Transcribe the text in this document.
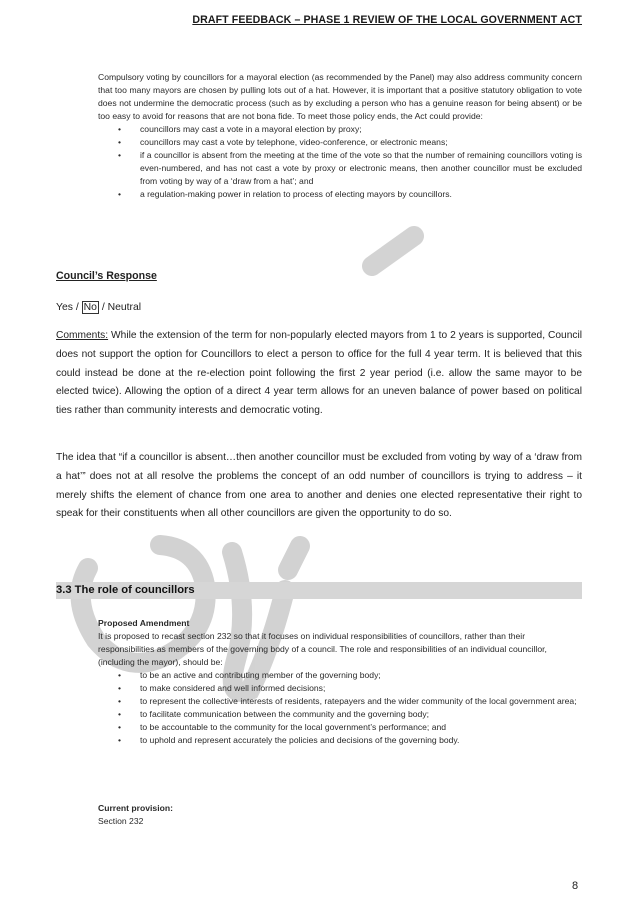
DRAFT FEEDBACK – PHASE 1 REVIEW OF THE LOCAL GOVERNMENT ACT
Compulsory voting by councillors for a mayoral election (as recommended by the Panel) may also address community concern that too many mayors are chosen by pulling lots out of a hat. However, it is important that a positive statutory obligation to vote does not undermine the democratic process (such as by excluding a person who has a genuine reason for being absent) or be too easy to avoid for reasons that are not bona fide. To meet those policy ends, the Act could provide:
• councillors may cast a vote in a mayoral election by proxy;
• councillors may cast a vote by telephone, video-conference, or electronic means;
• if a councillor is absent from the meeting at the time of the vote so that the number of remaining councillors voting is even-numbered, and has not cast a vote by proxy or electronic means, then another councillor must be excluded from voting by way of a ‘draw from a hat’; and
• a regulation-making power in relation to process of electing mayors by councillors.
Council’s Response
Yes / No / Neutral
Comments: While the extension of the term for non-popularly elected mayors from 1 to 2 years is supported, Council does not support the option for Councillors to elect a person to office for the full 4 year term. It is believed that this could instead be done at the re-election point following the first 2 year period (i.e. allow the same mayor to be elected twice). Allowing the option of a direct 4 year term allows for an uneven balance of power based on political ties rather than community interests and democratic voting.
The idea that “if a councillor is absent…then another councillor must be excluded from voting by way of a ‘draw from a hat’” does not at all resolve the problems the concept of an odd number of councillors is trying to address – it merely shifts the element of chance from one area to another and denies one elected representative their right to speak for their constituents when all other councillors are given the opportunity to do so.
3.3 The role of councillors
Proposed Amendment
It is proposed to recast section 232 so that it focuses on individual responsibilities of councillors, rather than their responsibilities as members of the governing body of a council. The role and responsibilities of an individual councillor, (including the mayor), should be:
• to be an active and contributing member of the governing body;
• to make considered and well informed decisions;
• to represent the collective interests of residents, ratepayers and the wider community of the local government area;
• to facilitate communication between the community and the governing body;
• to be accountable to the community for the local government’s performance; and
• to uphold and represent accurately the policies and decisions of the governing body.
Current provision:
Section 232
8
